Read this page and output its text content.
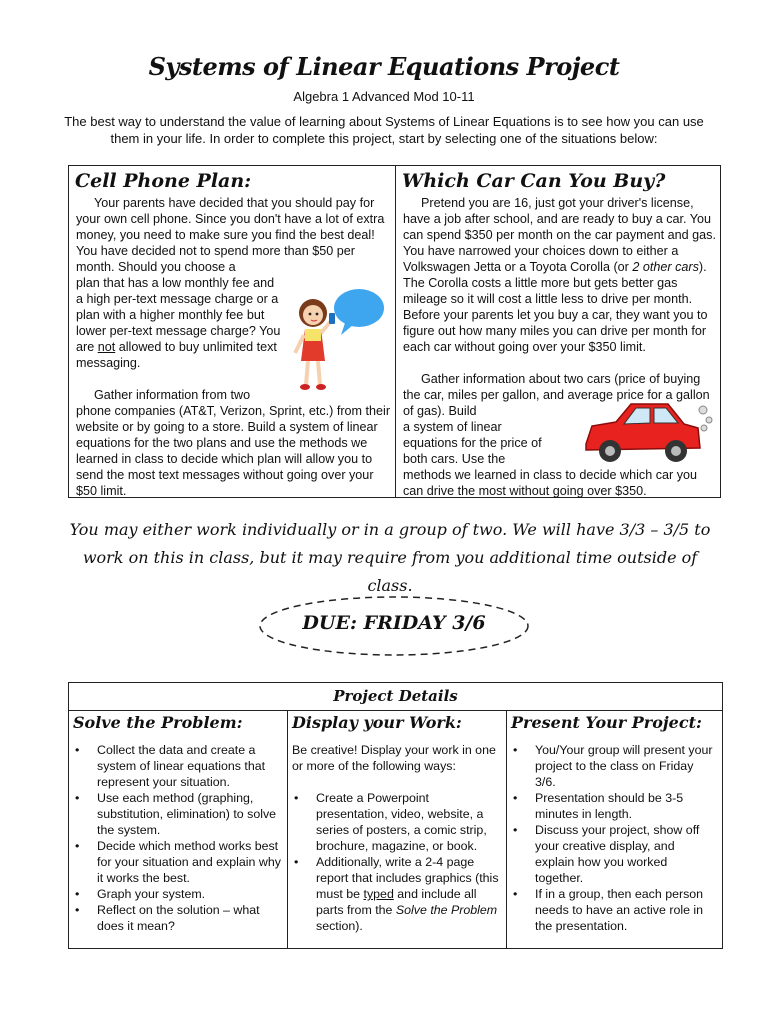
Systems of Linear Equations Project
Algebra 1 Advanced Mod 10-11
The best way to understand the value of learning about Systems of Linear Equations is to see how you can use them in your life. In order to complete this project, start by selecting one of the situations below:
Cell Phone Plan:
Your parents have decided that you should pay for your own cell phone. Since you don't have a lot of extra money, you need to make sure you find the best deal! You have decided not to spend more than $50 per month. Should you choose a
plan that has a low monthly fee and a high per-text message charge or a plan with a higher monthly fee but lower per-text message charge? You are not allowed to buy unlimited text messaging.
Gather information from two
phone companies (AT&T, Verizon, Sprint, etc.) from their website or by going to a store. Build a system of linear equations for the two plans and use the methods we learned in class to decide which plan will allow you to send the most text messages without going over your $50 limit.
Which Car Can You Buy?
Pretend you are 16, just got your driver's license, have a job after school, and are ready to buy a car. You can spend $350 per month on the car payment and gas. You have narrowed your choices down to either a Volkswagen Jetta or a Toyota Corolla (or 2 other cars). The Corolla costs a little more but gets better gas mileage so it will cost a little less to drive per month. Before your parents let you buy a car, they want you to figure out how many miles you can drive per month for each car without going over your $350 limit.
Gather information about two cars (price of buying the car, miles per gallon, and average price for a gallon of gas). Build
a system of linear equations for the price of both cars. Use the
methods we learned in class to decide which car you can drive the most without going over $350.
You may either work individually or in a group of two. We will have 3/3 – 3/5 to work on this in class, but it may require from you additional time outside of class.
DUE: FRIDAY 3/6
Project Details
Solve the Problem:
• Collect the data and create a system of linear equations that represent your situation.
• Use each method (graphing, substitution, elimination) to solve the system.
• Decide which method works best for your situation and explain why it works the best.
• Graph your system.
• Reflect on the solution – what does it mean?
Display your Work:
Be creative! Display your work in one or more of the following ways:
• Create a Powerpoint presentation, video, website, a series of posters, a comic strip, brochure, magazine, or book.
• Additionally, write a 2-4 page report that includes graphics (this must be typed and include all parts from the Solve the Problem section).
Present Your Project:
• You/Your group will present your project to the class on Friday 3/6.
• Presentation should be 3-5 minutes in length.
• Discuss your project, show off your creative display, and explain how you worked together.
• If in a group, then each person needs to have an active role in the presentation.
